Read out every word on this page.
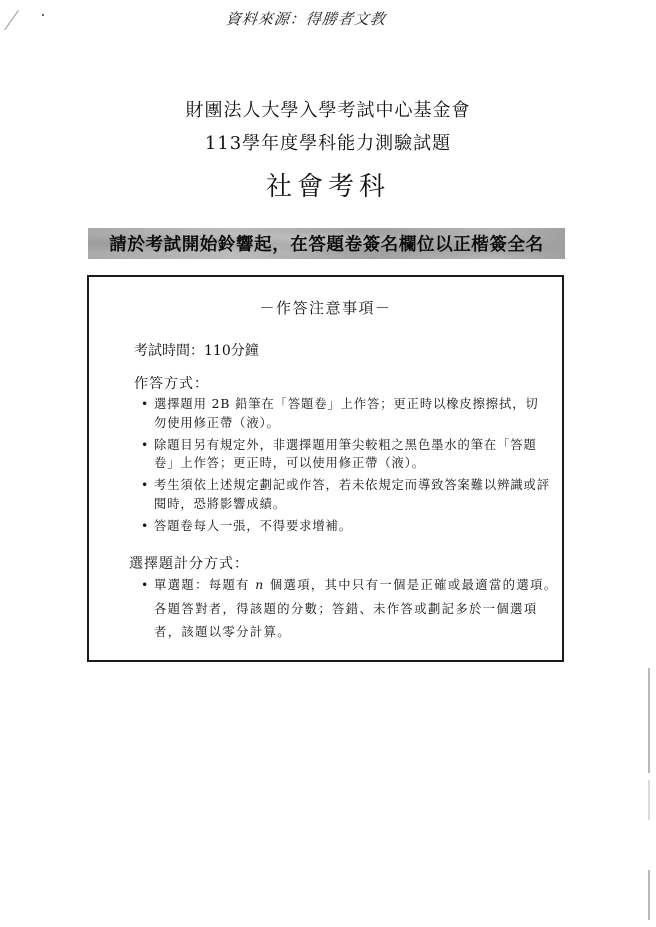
資料來源：得勝者文教
財團法人大學入學考試中心基金會
113學年度學科能力測驗試題
社會考科
請於考試開始鈴響起，在答題卷簽名欄位以正楷簽全名
－作答注意事項－
考試時間：110分鐘
作答方式：
• 選擇題用 2B 鉛筆在「答題卷」上作答；更正時以橡皮擦擦拭，切勿使用修正帶（液）。
• 除題目另有規定外，非選擇題用筆尖較粗之黑色墨水的筆在「答題卷」上作答；更正時，可以使用修正帶（液）。
• 考生須依上述規定劃記或作答，若未依規定而導致答案難以辨識或評閱時，恐將影響成績。
• 答題卷每人一張，不得要求增補。
選擇題計分方式：
• 單選題：每題有 n 個選項，其中只有一個是正確或最適當的選項。各題答對者，得該題的分數；答錯、未作答或劃記多於一個選項者，該題以零分計算。
